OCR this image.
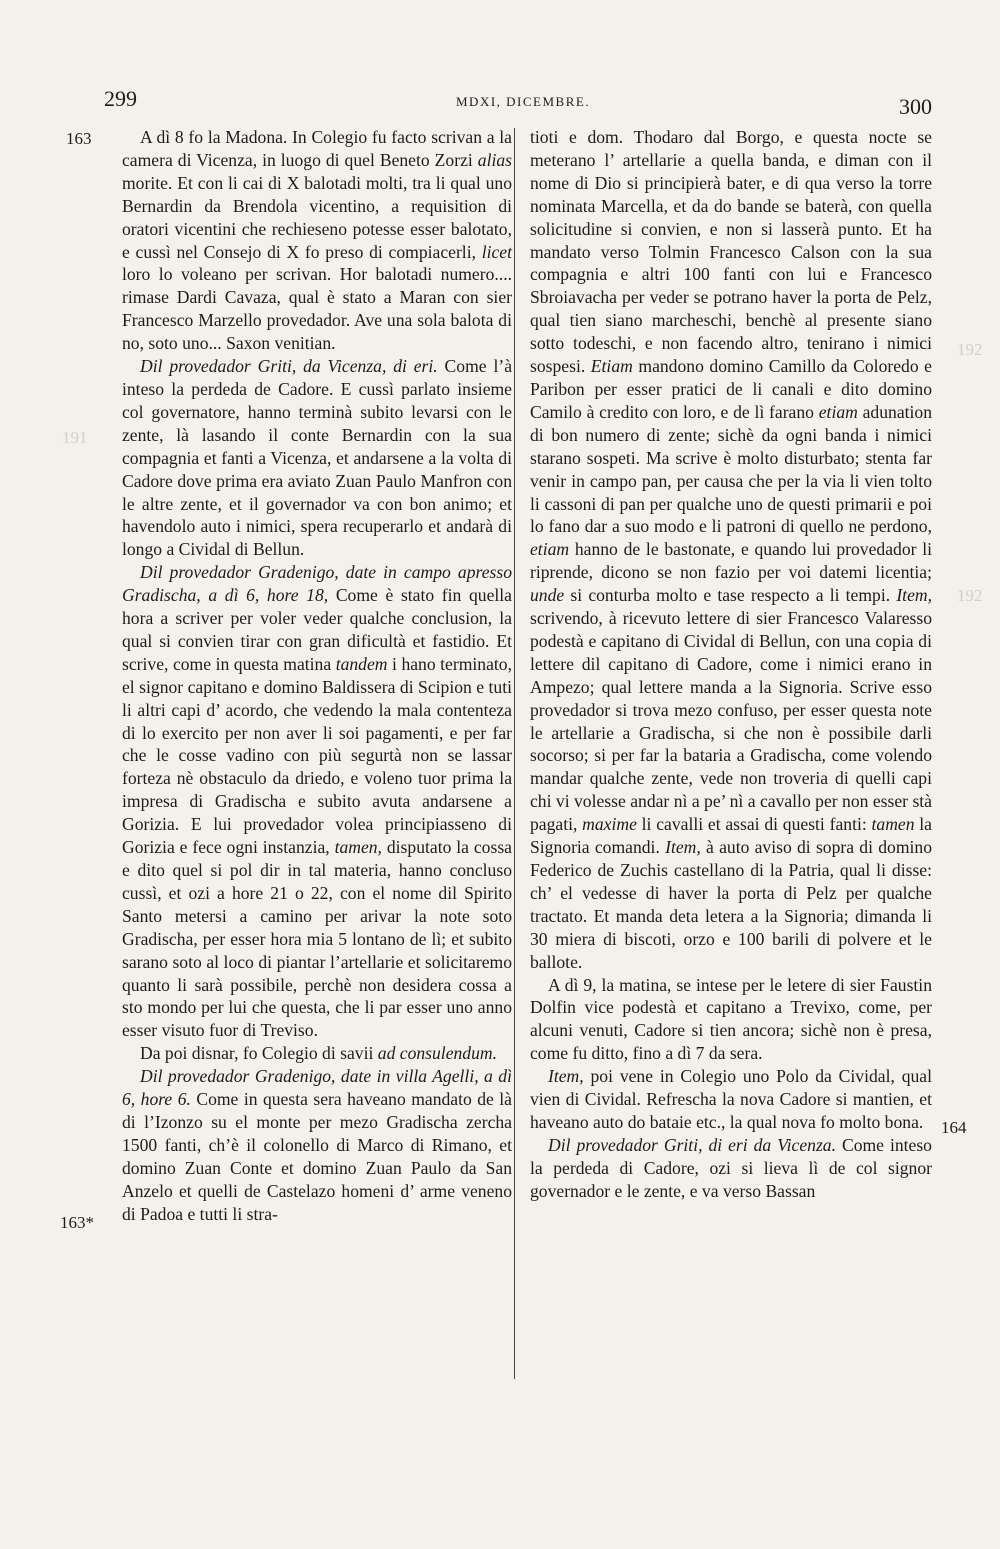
299	MDXI, DICEMBRE.	300
163
163*
164
192
191
192

A dì 8 fo la Madona. In Colegio fu facto scrivan a la camera di Vicenza, in luogo di quel Beneto Zorzi alias morite. Et con li cai di X balotadi molti, tra li qual uno Bernardin da Brendola vicentino, a requisition di oratori vicentini che rechieseno potesse esser balotato, e cussì nel Consejo di X fo preso di compiacerli, licet loro lo voleano per scrivan. Hor balotadi numero.... rimase Dardi Cavaza, qual è stato a Maran con sier Francesco Marzello provedador. Ave una sola balota di no, soto uno... Saxon venitian.

Dil provedador Griti, da Vicenza, di eri. Come l’à inteso la perdeda de Cadore. E cussì parlato insieme col governatore, hanno terminà subito levarsi con le zente, là lasando il conte Bernardin con la sua compagnia et fanti a Vicenza, et andarsene a la volta di Cadore dove prima era aviato Zuan Paulo Manfron con le altre zente, et il governador va con bon animo; et havendolo auto i nimici, spera recuperarlo et andarà di longo a Cividal di Bellun.

Dil provedador Gradenigo, date in campo apresso Gradischa, a dì 6, hore 18, Come è stato fin quella hora a scriver per voler veder qualche conclusion, la qual si convien tirar con gran dificultà et fastidio. Et scrive, come in questa matina tandem i hano terminato, el signor capitano e domino Baldissera di Scipion e tuti li altri capi d’ acordo, che vedendo la mala contenteza di lo exercito per non aver li soi pagamenti, e per far che le cosse vadino con più segurtà non se lassar forteza nè obstaculo da driedo, e voleno tuor prima la impresa di Gradischa e subito avuta andarsene a Gorizia. E lui provedador volea principiasseno di Gorizia e fece ogni instanzia, tamen, disputato la cossa e dito quel si pol dir in tal materia, hanno concluso cussì, et ozi a hore 21 o 22, con el nome dil Spirito Santo metersi a camino per arivar la note soto Gradischa, per esser hora mia 5 lontano de lì; et subito sarano soto al loco di piantar l’artellarie et solicitaremo quanto li sarà possibile, perchè non desidera cossa a sto mondo per lui che questa, che li par esser uno anno esser visuto fuor di Treviso.

Da poi disnar, fo Colegio di savii ad consulendum.

Dil provedador Gradenigo, date in villa Agelli, a dì 6, hore 6. Come in questa sera haveano mandato de là di l’Izonzo su el monte per mezo Gradischa zercha 1500 fanti, ch’è il colonello di Marco di Rimano, et domino Zuan Conte et domino Zuan Paulo da San Anzelo et quelli de Castelazo homeni d’ arme veneno di Padoa e tutti li stra-

tioti e dom. Thodaro dal Borgo, e questa nocte se meterano l’ artellarie a quella banda, e diman con il nome di Dio si principierà bater, e di qua verso la torre nominata Marcella, et da do bande se baterà, con quella solicitudine si convien, e non si lasserà punto. Et ha mandato verso Tolmin Francesco Calson con la sua compagnia e altri 100 fanti con lui e Francesco Sbroiavacha per veder se potrano haver la porta de Pelz, qual tien siano marcheschi, benchè al presente siano sotto todeschi, e non facendo altro, tenirano i nimici sospesi. Etiam mandono domino Camillo da Coloredo e Paribon per esser pratici de li canali e dito domino Camilo à credito con loro, e de lì farano etiam adunation di bon numero di zente; sichè da ogni banda i nimici starano sospeti. Ma scrive è molto disturbato; stenta far venir in campo pan, per causa che per la via li vien tolto li cassoni di pan per qualche uno de questi primarii e poi lo fano dar a suo modo e li patroni di quello ne perdono, etiam hanno de le bastonate, e quando lui provedador li riprende, dicono se non fazio per voi datemi licentia; unde si conturba molto e tase respecto a li tempi. Item, scrivendo, à ricevuto lettere di sier Francesco Valaresso podestà e capitano di Cividal di Bellun, con una copia di lettere dil capitano di Cadore, come i nimici erano in Ampezo; qual lettere manda a la Signoria. Scrive esso provedador si trova mezo confuso, per esser questa note le artellarie a Gradischa, si che non è possibile darli socorso; si per far la bataria a Gradischa, come volendo mandar qualche zente, vede non troveria di quelli capi chi vi volesse andar nì a pe’ nì a cavallo per non esser stà pagati, maxime li cavalli et assai di questi fanti: tamen la Signoria comandi. Item, à auto aviso di sopra di domino Federico de Zuchis castellano di la Patria, qual li disse: ch’ el vedesse di haver la porta di Pelz per qualche tractato. Et manda deta letera a la Signoria; dimanda li 30 miera di biscoti, orzo e 100 barili di polvere et le ballote.

A dì 9, la matina, se intese per le letere di sier Faustin Dolfin vice podestà et capitano a Trevixo, come, per alcuni venuti, Cadore si tien ancora; sichè non è presa, come fu ditto, fino a dì 7 da sera.

Item, poi vene in Colegio uno Polo da Cividal, qual vien di Cividal. Refrescha la nova Cadore si mantien, et haveano auto do bataie etc., la qual nova fo molto bona.

Dil provedador Griti, di eri da Vicenza. Come inteso la perdeda di Cadore, ozi si lieva lì de col signor governador e le zente, e va verso Bassan
